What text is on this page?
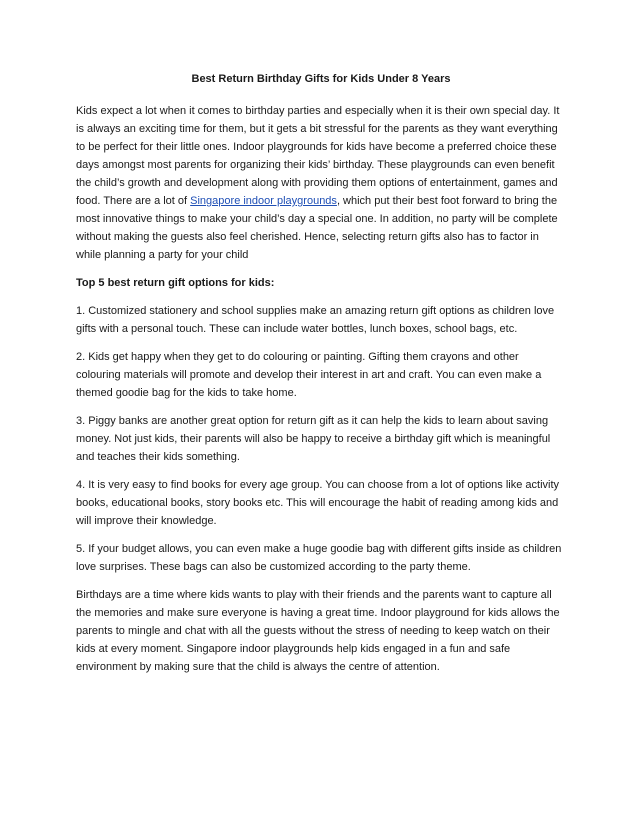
Best Return Birthday Gifts for Kids Under 8 Years

Kids expect a lot when it comes to birthday parties and especially when it is their own special day. It is always an exciting time for them, but it gets a bit stressful for the parents as they want everything to be perfect for their little ones. Indoor playgrounds for kids have become a preferred choice these days amongst most parents for organizing their kids’ birthday. These playgrounds can even benefit the child’s growth and development along with providing them options of entertainment, games and food. There are a lot of Singapore indoor playgrounds, which put their best foot forward to bring the most innovative things to make your child’s day a special one. In addition, no party will be complete without making the guests also feel cherished. Hence, selecting return gifts also has to factor in while planning a party for your child

Top 5 best return gift options for kids:

1. Customized stationery and school supplies make an amazing return gift options as children love gifts with a personal touch. These can include water bottles, lunch boxes, school bags, etc.

2. Kids get happy when they get to do colouring or painting. Gifting them crayons and other colouring materials will promote and develop their interest in art and craft. You can even make a themed goodie bag for the kids to take home.

3. Piggy banks are another great option for return gift as it can help the kids to learn about saving money. Not just kids, their parents will also be happy to receive a birthday gift which is meaningful and teaches their kids something.

4. It is very easy to find books for every age group. You can choose from a lot of options like activity books, educational books, story books etc. This will encourage the habit of reading among kids and will improve their knowledge.

5. If your budget allows, you can even make a huge goodie bag with different gifts inside as children love surprises. These bags can also be customized according to the party theme.

Birthdays are a time where kids wants to play with their friends and the parents want to capture all the memories and make sure everyone is having a great time. Indoor playground for kids allows the parents to mingle and chat with all the guests without the stress of needing to keep watch on their kids at every moment. Singapore indoor playgrounds help kids engaged in a fun and safe environment by making sure that the child is always the centre of attention.
